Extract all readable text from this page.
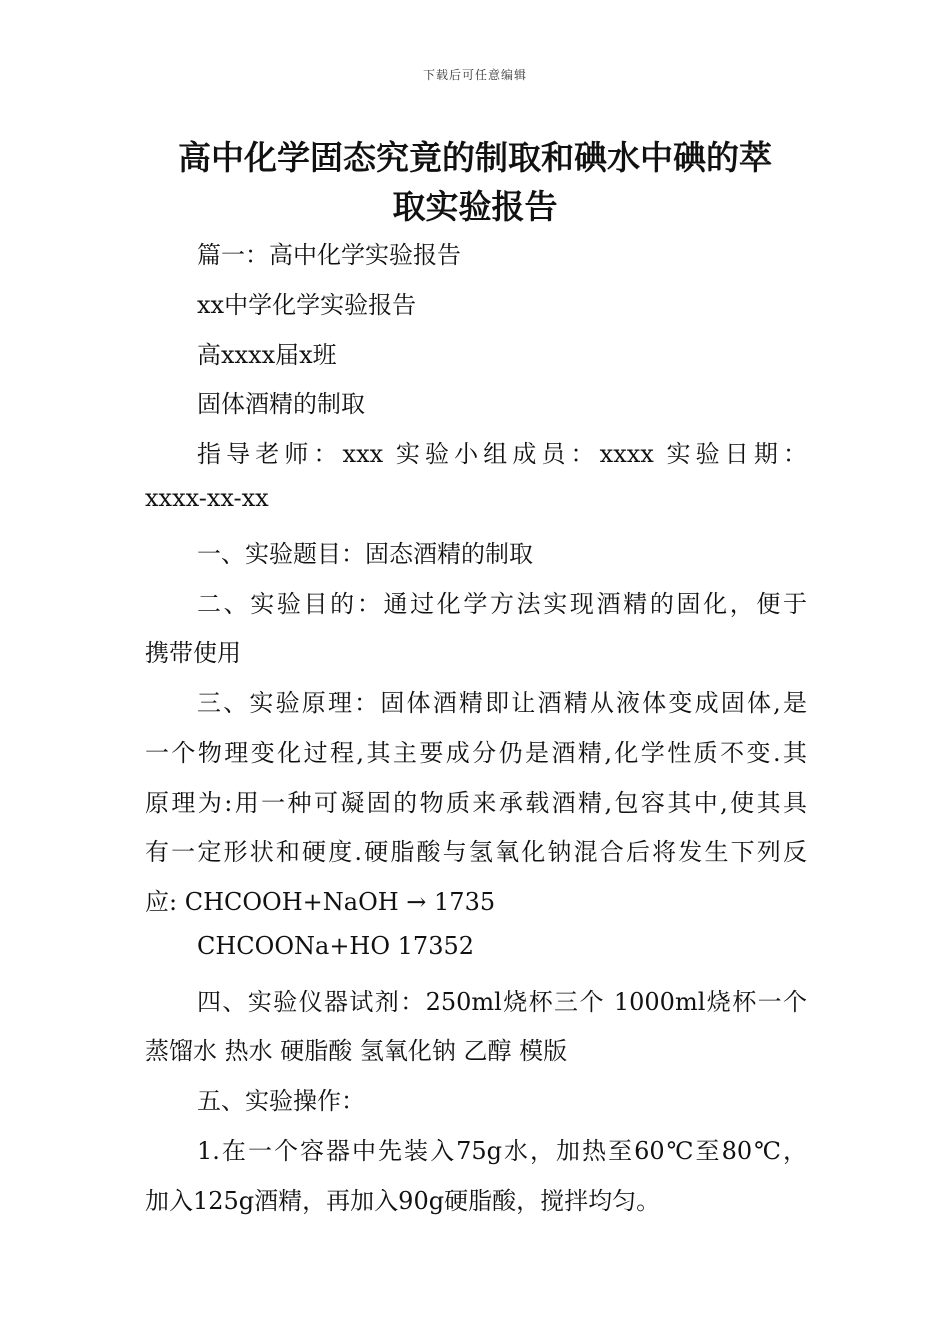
下载后可任意编辑
高中化学固态究竟的制取和碘水中碘的萃
取实验报告
篇一：高中化学实验报告
xx中学化学实验报告
高xxxx届x班
固体酒精的制取
指导老师：xxx 实验小组成员：xxxx 实验日期：
xxxx-xx-xx
一、实验题目：固态酒精的制取
二、实验目的：通过化学方法实现酒精的固化，便于
携带使用
三、实验原理：固体酒精即让酒精从液体变成固体,是
一个物理变化过程,其主要成分仍是酒精,化学性质不变.其
原理为:用一种可凝固的物质来承载酒精,包容其中,使其具
有一定形状和硬度.硬脂酸与氢氧化钠混合后将发生下列反
应: CHCOOH+NaOH → 1735
CHCOONa+HO 17352
四、实验仪器试剂：250ml烧杯三个 1000ml烧杯一个
蒸馏水 热水 硬脂酸 氢氧化钠 乙醇 模版
五、实验操作：
1.在一个容器中先装入75g水，加热至60℃至80℃，
加入125g酒精，再加入90g硬脂酸，搅拌均匀。
